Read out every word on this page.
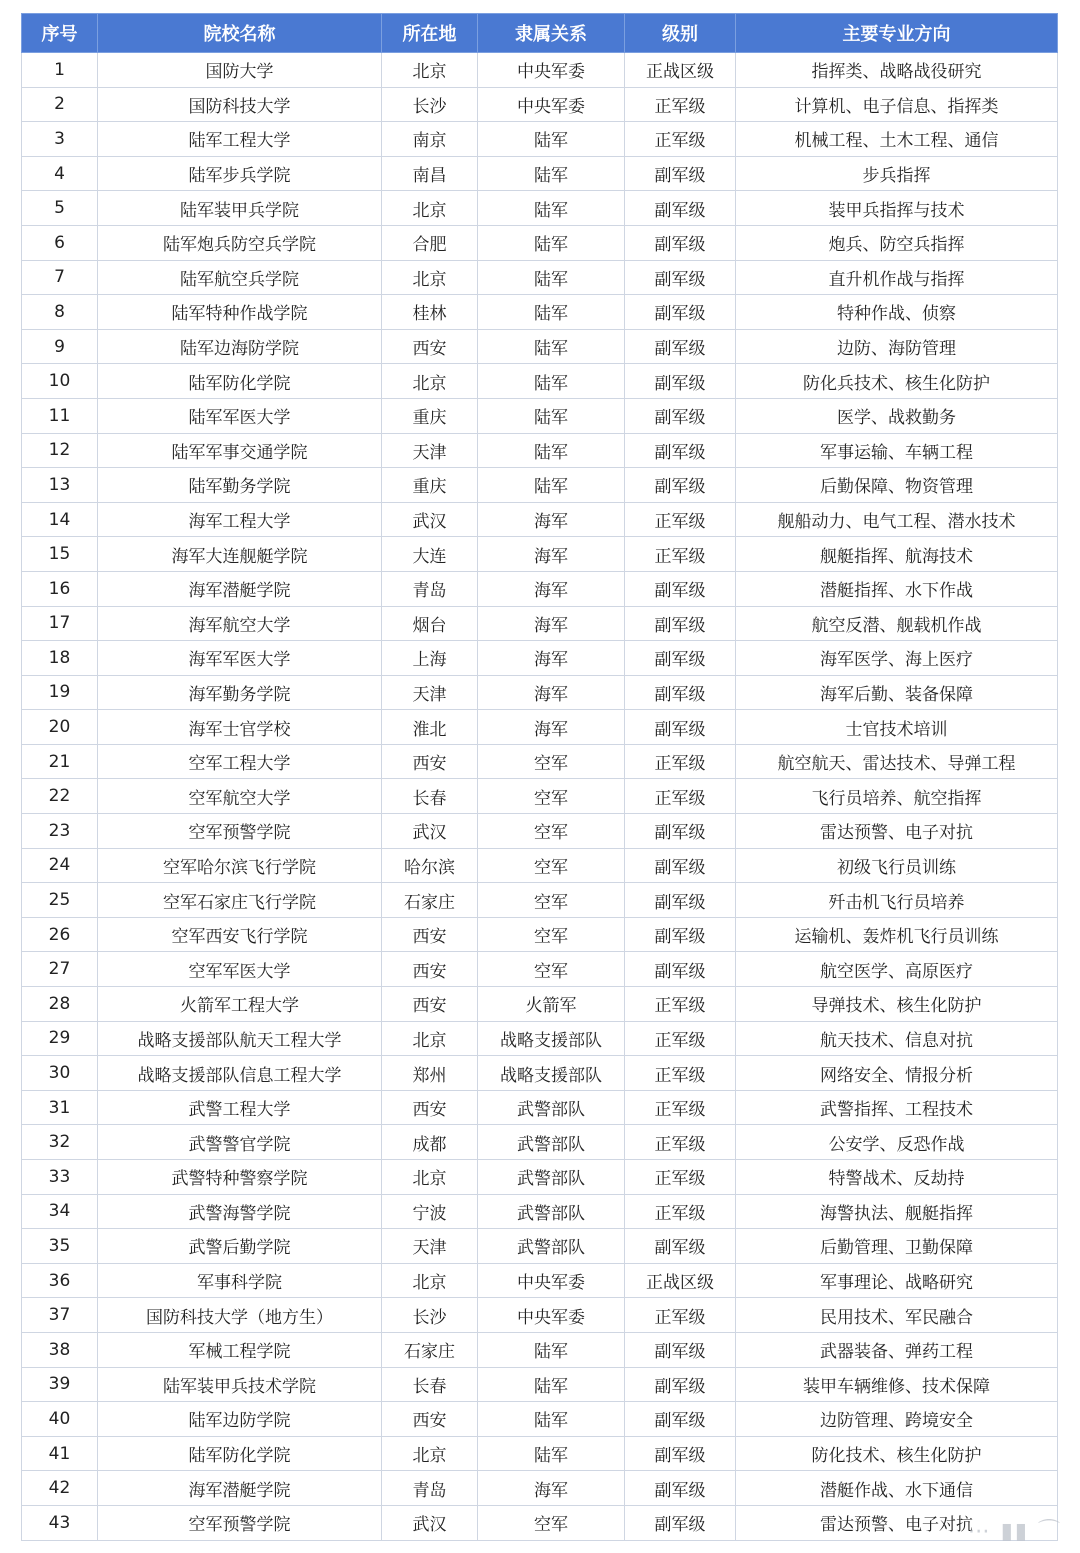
序号	院校名称	所在地	隶属关系	级别	主要专业方向
1	国防大学	北京	中央军委	正战区级	指挥类、战略战役研究
2	国防科技大学	长沙	中央军委	正军级	计算机、电子信息、指挥类
3	陆军工程大学	南京	陆军	正军级	机械工程、土木工程、通信
4	陆军步兵学院	南昌	陆军	副军级	步兵指挥
5	陆军装甲兵学院	北京	陆军	副军级	装甲兵指挥与技术
6	陆军炮兵防空兵学院	合肥	陆军	副军级	炮兵、防空兵指挥
7	陆军航空兵学院	北京	陆军	副军级	直升机作战与指挥
8	陆军特种作战学院	桂林	陆军	副军级	特种作战、侦察
9	陆军边海防学院	西安	陆军	副军级	边防、海防管理
10	陆军防化学院	北京	陆军	副军级	防化兵技术、核生化防护
11	陆军军医大学	重庆	陆军	副军级	医学、战救勤务
12	陆军军事交通学院	天津	陆军	副军级	军事运输、车辆工程
13	陆军勤务学院	重庆	陆军	副军级	后勤保障、物资管理
14	海军工程大学	武汉	海军	正军级	舰船动力、电气工程、潜水技术
15	海军大连舰艇学院	大连	海军	正军级	舰艇指挥、航海技术
16	海军潜艇学院	青岛	海军	副军级	潜艇指挥、水下作战
17	海军航空大学	烟台	海军	副军级	航空反潜、舰载机作战
18	海军军医大学	上海	海军	副军级	海军医学、海上医疗
19	海军勤务学院	天津	海军	副军级	海军后勤、装备保障
20	海军士官学校	淮北	海军	副军级	士官技术培训
21	空军工程大学	西安	空军	正军级	航空航天、雷达技术、导弹工程
22	空军航空大学	长春	空军	正军级	飞行员培养、航空指挥
23	空军预警学院	武汉	空军	副军级	雷达预警、电子对抗
24	空军哈尔滨飞行学院	哈尔滨	空军	副军级	初级飞行员训练
25	空军石家庄飞行学院	石家庄	空军	副军级	歼击机飞行员培养
26	空军西安飞行学院	西安	空军	副军级	运输机、轰炸机飞行员训练
27	空军军医大学	西安	空军	副军级	航空医学、高原医疗
28	火箭军工程大学	西安	火箭军	正军级	导弹技术、核生化防护
29	战略支援部队航天工程大学	北京	战略支援部队	正军级	航天技术、信息对抗
30	战略支援部队信息工程大学	郑州	战略支援部队	正军级	网络安全、情报分析
31	武警工程大学	西安	武警部队	正军级	武警指挥、工程技术
32	武警警官学院	成都	武警部队	正军级	公安学、反恐作战
33	武警特种警察学院	北京	武警部队	正军级	特警战术、反劫持
34	武警海警学院	宁波	武警部队	正军级	海警执法、舰艇指挥
35	武警后勤学院	天津	武警部队	副军级	后勤管理、卫勤保障
36	军事科学院	北京	中央军委	正战区级	军事理论、战略研究
37	国防科技大学（地方生）	长沙	中央军委	正军级	民用技术、军民融合
38	军械工程学院	石家庄	陆军	副军级	武器装备、弹药工程
39	陆军装甲兵技术学院	长春	陆军	副军级	装甲车辆维修、技术保障
40	陆军边防学院	西安	陆军	副军级	边防管理、跨境安全
41	陆军防化学院	北京	陆军	副军级	防化技术、核生化防护
42	海军潜艇学院	青岛	海军	副军级	潜艇作战、水下通信
43	空军预警学院	武汉	空军	副军级	雷达预警、电子对抗
⋯ ▮▮ ⌒
